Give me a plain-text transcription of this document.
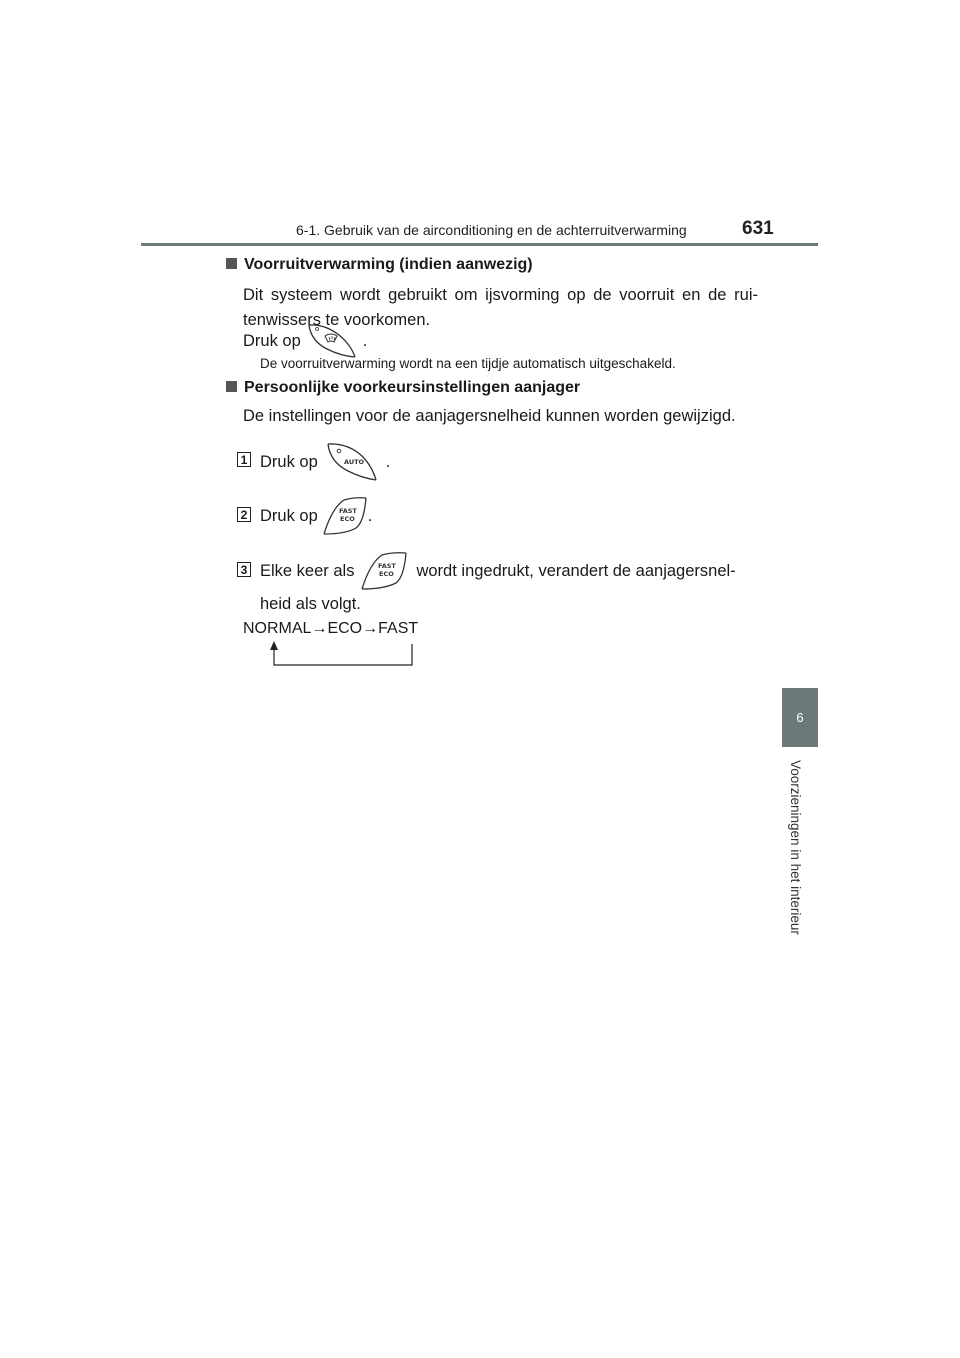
6-1. Gebruik van de airconditioning en de achterruitverwarming	631
6
Voorzieningen in het interieur
Voorruitverwarming (indien aanwezig)
Dit systeem wordt gebruikt om ijsvorming op de voorruit en de rui-
tenwissers te voorkomen.
Druk op	.
De voorruitverwarming wordt na een tijdje automatisch uitgeschakeld.
Persoonlijke voorkeursinstellingen aanjager
De instellingen voor de aanjagersnelheid kunnen worden gewijzigd.
1 Druk op	AUTO .
2 Druk op	FAST
ECO .
3 Elke keer als	FAST
ECO wordt ingedrukt, verandert de aanjagersnel-
heid als volgt.
NORMAL→ECO→FAST
